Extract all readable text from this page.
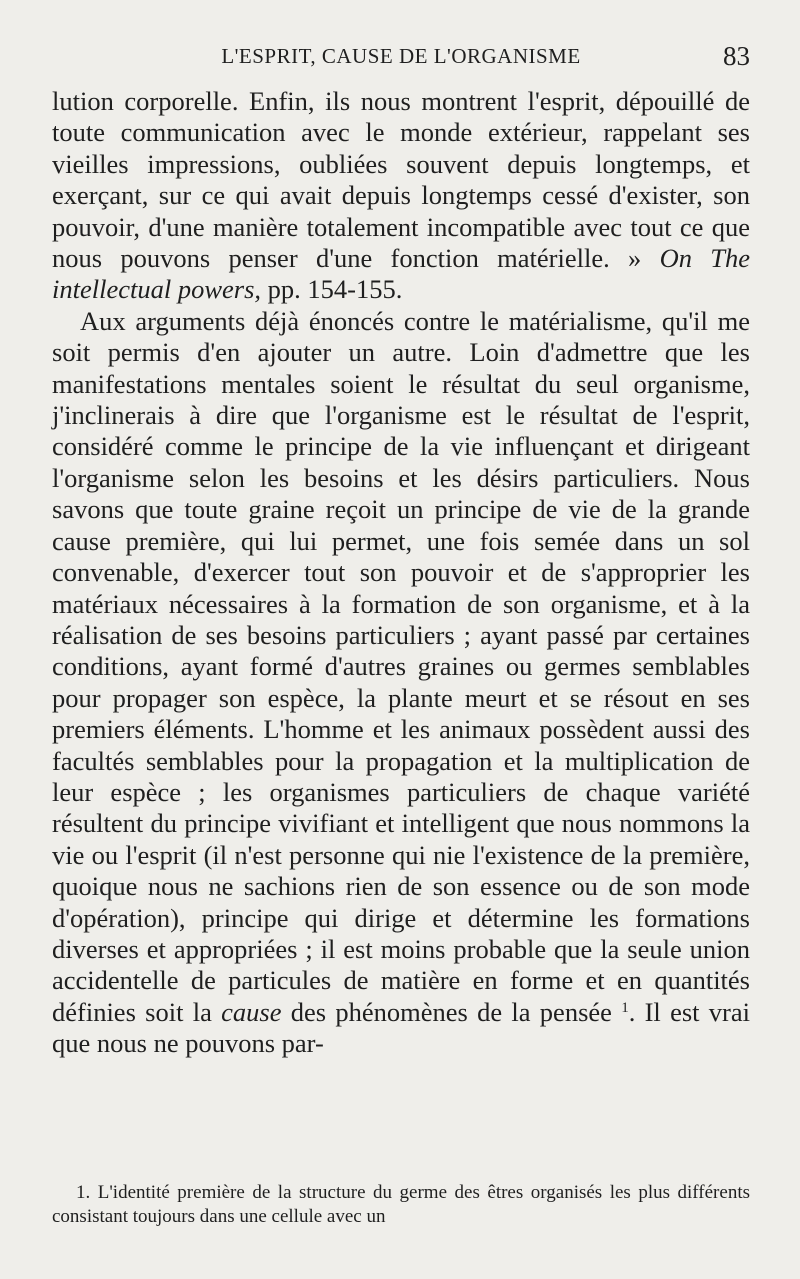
L'ESPRIT, CAUSE DE L'ORGANISME	83

lution corporelle. Enfin, ils nous montrent l'esprit, dépouillé de toute communication avec le monde extérieur, rappelant ses vieilles impressions, oubliées souvent depuis longtemps, et exerçant, sur ce qui avait depuis longtemps cessé d'exister, son pouvoir, d'une manière totalement incompatible avec tout ce que nous pouvons penser d'une fonction matérielle. » On The intellectual powers, pp. 154-155.

Aux arguments déjà énoncés contre le matérialisme, qu'il me soit permis d'en ajouter un autre. Loin d'admettre que les manifestations mentales soient le résultat du seul organisme, j'inclinerais à dire que l'organisme est le résultat de l'esprit, considéré comme le principe de la vie influençant et dirigeant l'organisme selon les besoins et les désirs particuliers. Nous savons que toute graine reçoit un principe de vie de la grande cause première, qui lui permet, une fois semée dans un sol convenable, d'exercer tout son pouvoir et de s'approprier les matériaux nécessaires à la formation de son organisme, et à la réalisation de ses besoins particuliers ; ayant passé par certaines conditions, ayant formé d'autres graines ou germes semblables pour propager son espèce, la plante meurt et se résout en ses premiers éléments. L'homme et les animaux possèdent aussi des facultés semblables pour la propagation et la multiplication de leur espèce ; les organismes particuliers de chaque variété résultent du principe vivifiant et intelligent que nous nommons la vie ou l'esprit (il n'est personne qui nie l'existence de la première, quoique nous ne sachions rien de son essence ou de son mode d'opération), principe qui dirige et détermine les formations diverses et appropriées ; il est moins probable que la seule union accidentelle de particules de matière en forme et en quantités définies soit la cause des phénomènes de la pensée $^1$. Il est vrai que nous ne pouvons par-

1. L'identité première de la structure du germe des êtres organisés les plus différents consistant toujours dans une cellule avec un
